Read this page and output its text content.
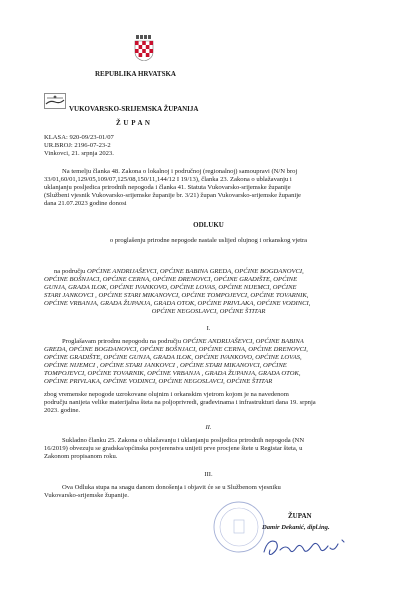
REPUBLIKA HRVATSKA
VUKOVARSKO-SRIJEMSKA ŽUPANIJA
Ž U P A N
KLASA: 920-09/23-01/07
UR.BROJ: 2196-07-23-2
Vinkovci, 21. srpnja 2023.
Na temelju članka 48. Zakona o lokalnoj i područnoj (regionalnoj) samoupravi (N/N broj
33/01,60/01,129/05,109/07,125/08,150/11,144/12 I 19/13), članka 23. Zakona o ublažavanju i
uklanjanju posljedica prirodnih nepogoda i članka 41. Statuta Vukovarsko-srijemske županije
(Službeni vjesnik Vukovarsko-srijemske županije br. 3/21) župan Vukovarsko-srijemske županije
dana 21.07.2023 godine donosi
ODLUKU
o proglašenju prirodne nepogode nastale uslijed olujnog i orkanskog vjetra
na području OPĆINE ANDRIJAŠEVCI, OPĆINE BABINA GREDA, OPĆINE BOGDANOVCI,
OPĆINE BOŠNJACI, OPĆINE CERNA, OPĆINE DRENOVCI, OPĆINE GRADIŠTE, OPĆINE
GUNJA, GRADA ILOK, OPĆINE IVANKOVO, OPĆINE LOVAS, OPĆINE NIJEMCI, OPĆINE
STARI JANKOVCI , OPĆINE STARI MIKANOVCI, OPĆINE TOMPOJEVCI, OPĆINE TOVARNIK,
OPĆINE VRBANJA, GRADA ŽUPANJA, GRADA OTOK, OPĆINE PRIVLAKA, OPĆINE VODINCI,
OPĆINE NEGOSLAVCI, OPĆINE ŠTITAR
I.
Proglašavam prirodnu nepogodu na području OPĆINE ANDRIJAŠEVCI, OPĆINE BABINA
GREDA, OPĆINE BOGDANOVCI, OPĆINE BOŠNJACI, OPĆINE CERNA, OPĆINE DRENOVCI,
OPĆINE GRADIŠTE, OPĆINE GUNJA, GRADA ILOK, OPĆINE IVANKOVO, OPĆINE LOVAS,
OPĆINE NIJEMCI , OPĆINE STARI JANKOVCI , OPĆINE STARI MIKANOVCI, OPĆINE
TOMPOJEVCI, OPĆINE TOVARNIK, OPĆINE VRBANJA , GRADA ŽUPANJA, GRADA OTOK,
OPĆINE PRIVLAKA, OPĆINE VODINCI, OPĆINE NEGOSLAVCI, OPĆINE ŠTITAR
zbog vremenske nepogode uzrokovane olujnim i orkanskim vjetrom kojom je na navedenom
području nanijeta velike materijalna šteta na poljoprivredi, građevinama i infrastrukturi dana 19. srpnja
2023. godine.
II.
Sukladno članku 25. Zakona o ublažavanju i uklanjanju posljedica prirodnih nepogoda (NN
16/2019) obvezuju se gradska/općinska povjerenstva unijeti prve procjene štete u Registar šteta, u
Zakonom propisanom roku.
III.
Ova Odluka stupa na snagu danom donošenja i objavit će se u Službenom vjesniku
Vukovarsko-srijemske županije.
ŽUPAN
Damir Dekanić, dipl.ing.
